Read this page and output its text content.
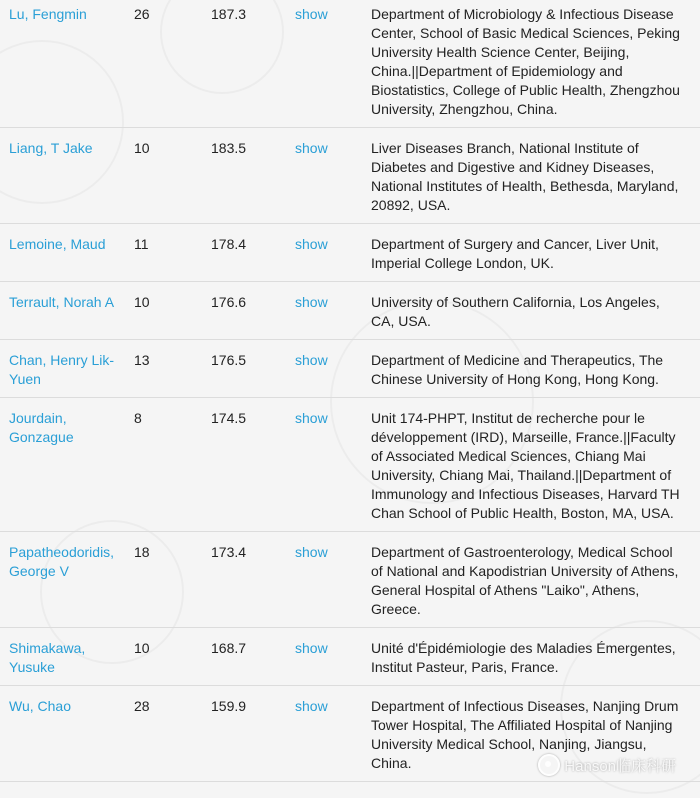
Lu, Fengmin	26	187.3	show	Department of Microbiology & Infectious Disease Center, School of Basic Medical Sciences, Peking University Health Science Center, Beijing, China.||Department of Epidemiology and Biostatistics, College of Public Health, Zhengzhou University, Zhengzhou, China.
Liang, T Jake	10	183.5	show	Liver Diseases Branch, National Institute of Diabetes and Digestive and Kidney Diseases, National Institutes of Health, Bethesda, Maryland, 20892, USA.
Lemoine, Maud	11	178.4	show	Department of Surgery and Cancer, Liver Unit, Imperial College London, UK.
Terrault, Norah A	10	176.6	show	University of Southern California, Los Angeles, CA, USA.
Chan, Henry Lik-Yuen	13	176.5	show	Department of Medicine and Therapeutics, The Chinese University of Hong Kong, Hong Kong.
Jourdain, Gonzague	8	174.5	show	Unit 174-PHPT, Institut de recherche pour le développement (IRD), Marseille, France.||Faculty of Associated Medical Sciences, Chiang Mai University, Chiang Mai, Thailand.||Department of Immunology and Infectious Diseases, Harvard TH Chan School of Public Health, Boston, MA, USA.
Papatheodoridis, George V	18	173.4	show	Department of Gastroenterology, Medical School of National and Kapodistrian University of Athens, General Hospital of Athens "Laiko", Athens, Greece.
Shimakawa, Yusuke	10	168.7	show	Unité d'Épidémiologie des Maladies Émergentes, Institut Pasteur, Paris, France.
Wu, Chao	28	159.9	show	Department of Infectious Diseases, Nanjing Drum Tower Hospital, The Affiliated Hospital of Nanjing University Medical School, Nanjing, Jiangsu, China.	Hanson临床科研
